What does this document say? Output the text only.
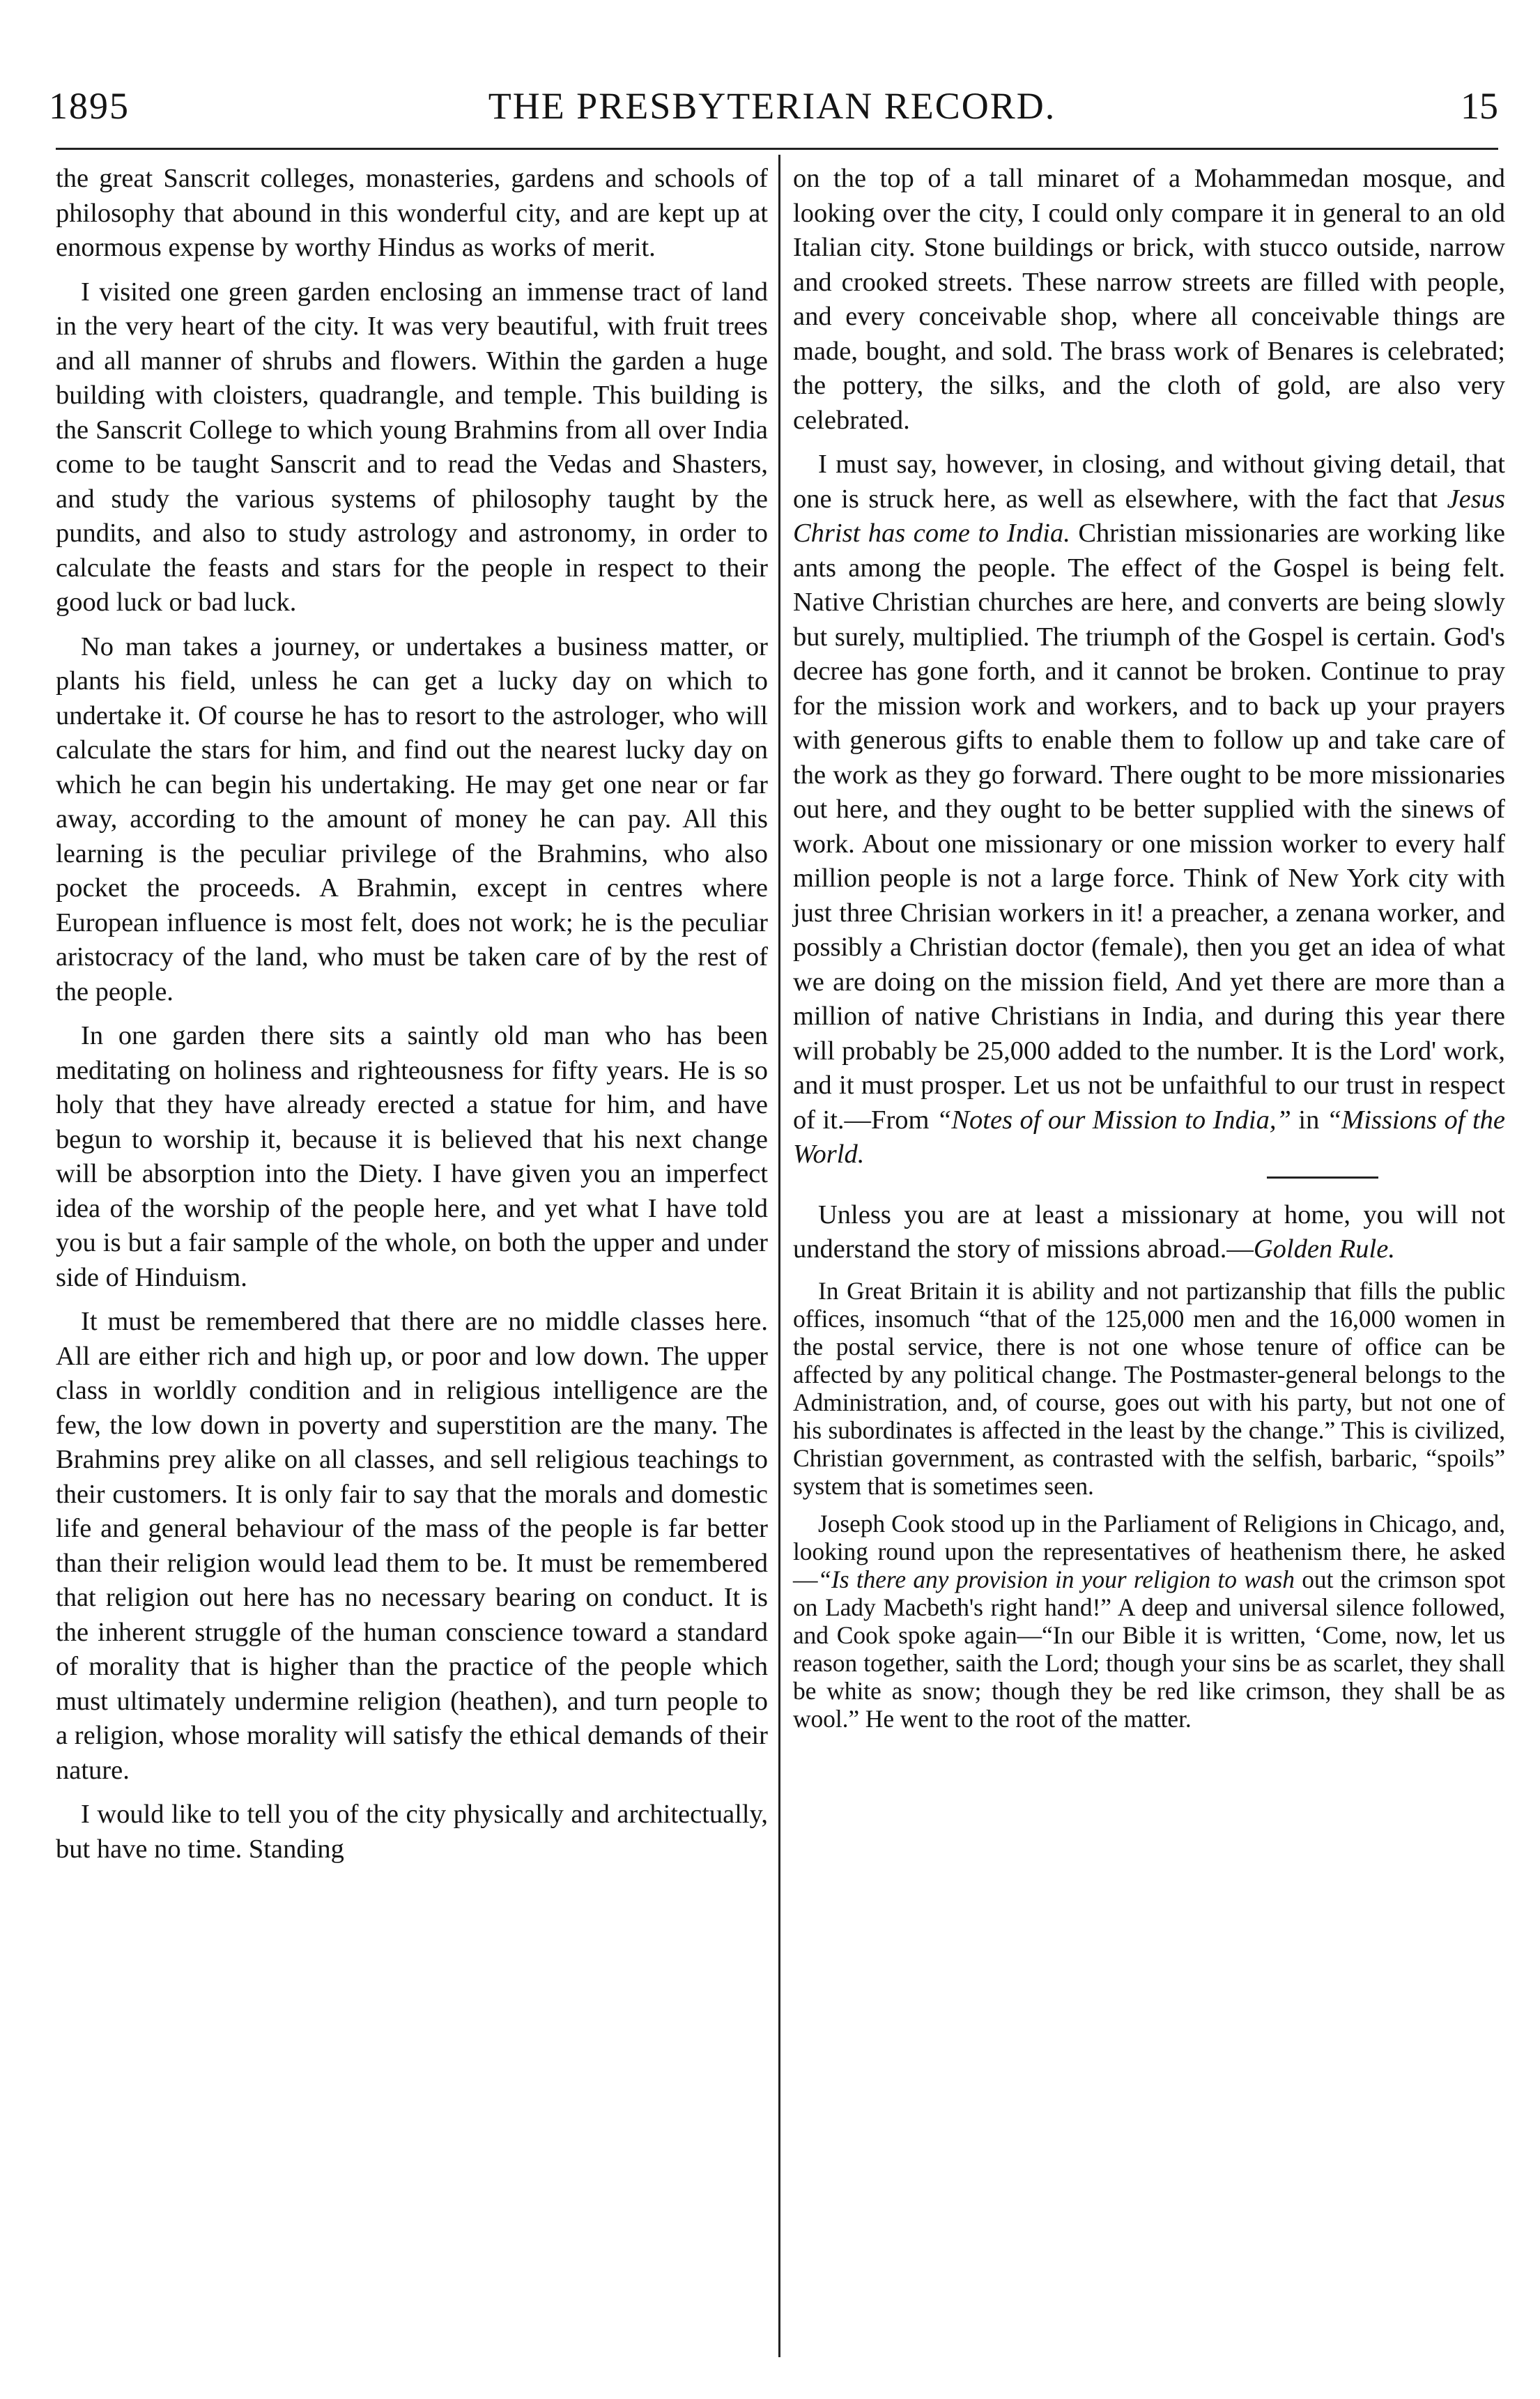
1895	THE PRESBYTERIAN RECORD.	15

the great Sanscrit colleges, monasteries, gardens and schools of philosophy that abound in this wonderful city, and are kept up at enormous expense by worthy Hindus as works of merit.

I visited one green garden enclosing an immense tract of land in the very heart of the city. It was very beautiful, with fruit trees and all manner of shrubs and flowers. Within the garden a huge building with cloisters, quadrangle, and temple. This building is the Sanscrit College to which young Brahmins from all over India come to be taught Sanscrit and to read the Vedas and Shasters, and study the various systems of philosophy taught by the pundits, and also to study astrology and astronomy, in order to calculate the feasts and stars for the people in respect to their good luck or bad luck.

No man takes a journey, or undertakes a business matter, or plants his field, unless he can get a lucky day on which to undertake it. Of course he has to resort to the astrologer, who will calculate the stars for him, and find out the nearest lucky day on which he can begin his undertaking. He may get one near or far away, according to the amount of money he can pay. All this learning is the peculiar privilege of the Brahmins, who also pocket the proceeds. A Brahmin, except in centres where European influence is most felt, does not work; he is the peculiar aristocracy of the land, who must be taken care of by the rest of the people.

In one garden there sits a saintly old man who has been meditating on holiness and righteousness for fifty years. He is so holy that they have already erected a statue for him, and have begun to worship it, because it is believed that his next change will be absorption into the Diety. I have given you an imperfect idea of the worship of the people here, and yet what I have told you is but a fair sample of the whole, on both the upper and under side of Hinduism.

It must be remembered that there are no middle classes here. All are either rich and high up, or poor and low down. The upper class in worldly condition and in religious intelligence are the few, the low down in poverty and superstition are the many. The Brahmins prey alike on all classes, and sell religious teachings to their customers. It is only fair to say that the morals and domestic life and general behaviour of the mass of the people is far better than their religion would lead them to be. It must be remembered that religion out here has no necessary bearing on conduct. It is the inherent struggle of the human conscience toward a standard of morality that is higher than the practice of the people which must ultimately undermine religion (heathen), and turn people to a religion, whose morality will satisfy the ethical demands of their nature.

I would like to tell you of the city physically and architectually, but have no time. Standing

on the top of a tall minaret of a Mohammedan mosque, and looking over the city, I could only compare it in general to an old Italian city. Stone buildings or brick, with stucco outside, narrow and crooked streets. These narrow streets are filled with people, and every conceivable shop, where all conceivable things are made, bought, and sold. The brass work of Benares is celebrated; the pottery, the silks, and the cloth of gold, are also very celebrated.

I must say, however, in closing, and without giving detail, that one is struck here, as well as elsewhere, with the fact that Jesus Christ has come to India. Christian missionaries are working like ants among the people. The effect of the Gospel is being felt. Native Christian churches are here, and converts are being slowly but surely, multiplied. The triumph of the Gospel is certain. God's decree has gone forth, and it cannot be broken. Continue to pray for the mission work and workers, and to back up your prayers with generous gifts to enable them to follow up and take care of the work as they go forward. There ought to be more missionaries out here, and they ought to be better supplied with the sinews of work. About one missionary or one mission worker to every half million people is not a large force. Think of New York city with just three Chrisian workers in it! a preacher, a zenana worker, and possibly a Christian doctor (female), then you get an idea of what we are doing on the mission field, And yet there are more than a million of native Christians in India, and during this year there will probably be 25,000 added to the number. It is the Lord' work, and it must prosper. Let us not be unfaithful to our trust in respect of it.—From “Notes of our Mission to India,” in “Missions of the World.

Unless you are at least a missionary at home, you will not understand the story of missions abroad.—Golden Rule.

In Great Britain it is ability and not partizanship that fills the public offices, insomuch “that of the 125,000 men and the 16,000 women in the postal service, there is not one whose tenure of office can be affected by any political change. The Postmaster-general belongs to the Administration, and, of course, goes out with his party, but not one of his subordinates is affected in the least by the change.” This is civilized, Christian government, as contrasted with the selfish, barbaric, “spoils” system that is sometimes seen.

Joseph Cook stood up in the Parliament of Religions in Chicago, and, looking round upon the representatives of heathenism there, he asked—“Is there any provision in your religion to wash out the crimson spot on Lady Macbeth's right hand!” A deep and universal silence followed, and Cook spoke again—“In our Bible it is written, ‘Come, now, let us reason together, saith the Lord; though your sins be as scarlet, they shall be white as snow; though they be red like crimson, they shall be as wool.” He went to the root of the matter.
